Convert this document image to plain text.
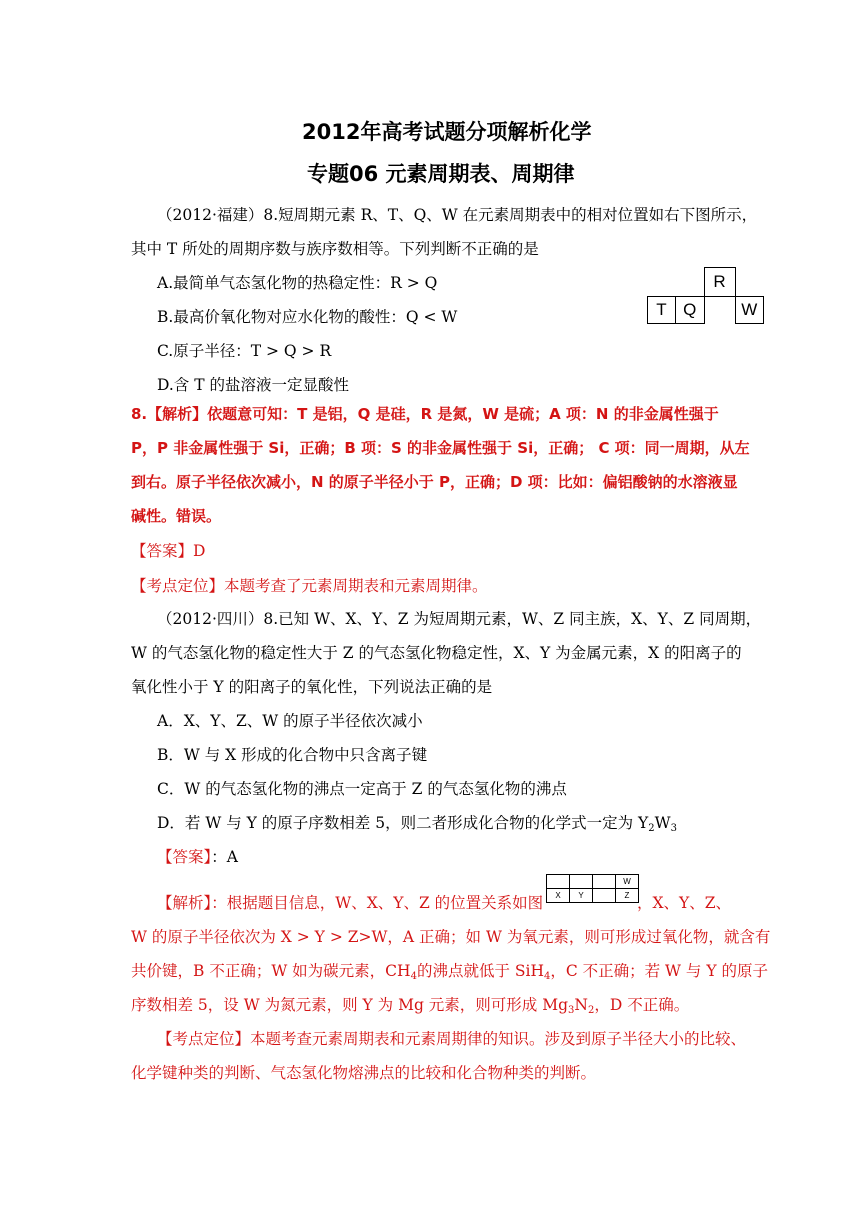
2012年高考试题分项解析化学
专题06 元素周期表、周期律
（2012·福建）8.短周期元素 R、T、Q、W 在元素周期表中的相对位置如右下图所示，
其中 T 所处的周期序数与族序数相等。下列判断不正确的是
A.最简单气态氢化物的热稳定性：R > Q
B.最高价氧化物对应水化物的酸性：Q < W
C.原子半径：T > Q > R
D.含 T 的盐溶液一定显酸性
		R	
T	Q		W
8.【解析】依题意可知：T 是铝，Q 是硅，R 是氮，W 是硫；A 项：N 的非金属性强于
P，P 非金属性强于 Si，正确；B 项：S 的非金属性强于 Si，正确； C 项：同一周期，从左
到右。原子半径依次减小，N 的原子半径小于 P，正确；D 项：比如：偏铝酸钠的水溶液显
碱性。错误。
【答案】D
【考点定位】本题考查了元素周期表和元素周期律。
（2012·四川）8.已知 W、X、Y、Z 为短周期元素，W、Z 同主族，X、Y、Z 同周期，
W 的气态氢化物的稳定性大于 Z 的气态氢化物稳定性，X、Y 为金属元素，X 的阳离子的
氧化性小于 Y 的阳离子的氧化性，下列说法正确的是
A．X、Y、Z、W 的原子半径依次减小
B．W 与 X 形成的化合物中只含离子键
C．W 的气态氢化物的沸点一定高于 Z 的气态氢化物的沸点
D．若 W 与 Y 的原子序数相差 5，则二者形成化合物的化学式一定为 $Y_2W_3$
【答案】：A
【解析】：根据题目信息，W、X、Y、Z 的位置关系如图
			W
X	Y		Z ，X、Y、Z、
W 的原子半径依次为 X > Y > Z>W，A 正确；如 W 为氧元素，则可形成过氧化物，就含有
共价键，B 不正确；W 如为碳元素，$CH_4$的沸点就低于 SiH$_4$，C 不正确；若 W 与 Y 的原子
序数相差 5，设 W 为氮元素，则 Y 为 Mg 元素，则可形成 $Mg_3N_2$，D 不正确。
【考点定位】本题考查元素周期表和元素周期律的知识。涉及到原子半径大小的比较、
化学键种类的判断、气态氢化物熔沸点的比较和化合物种类的判断。
